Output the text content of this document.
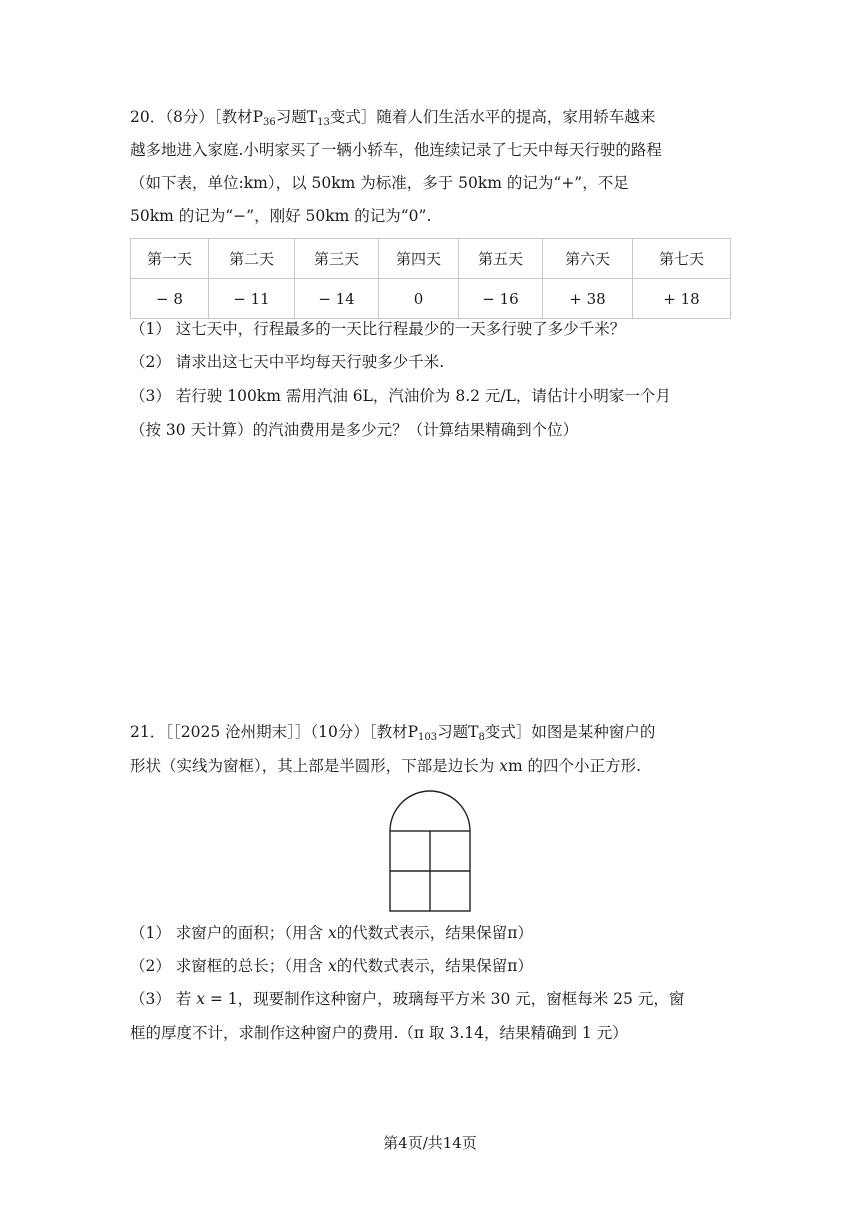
20．（8分）［教材$P_{36}$习题$T_{13}$变式］随着人们生活水平的提高，家用轿车越来
越多地进入家庭.小明家买了一辆小轿车，他连续记录了七天中每天行驶的路程
（如下表，单位:km），以 50km 为标准，多于 50km 的记为“+”，不足
50km 的记为“−”，刚好 50km 的记为“0”.
第一天	第二天	第三天	第四天	第五天	第六天	第七天
− 8	− 11	− 14	0	− 16	+ 38	+ 18
（1） 这七天中，行程最多的一天比行程最少的一天多行驶了多少千米？
（2） 请求出这七天中平均每天行驶多少千米.
（3） 若行驶 100km 需用汽油 6L，汽油价为 8.2 元/L，请估计小明家一个月
（按 30 天计算）的汽油费用是多少元？（计算结果精确到个位）
21．［［2025 沧州期末］］（10分）［教材$P_{103}$习题$T_8$变式］如图是某种窗户的
形状（实线为窗框），其上部是半圆形，下部是边长为 xm 的四个小正方形.
（1） 求窗户的面积；（用含 x的代数式表示，结果保留π）
（2） 求窗框的总长；（用含 x的代数式表示，结果保留π）
（3） 若 x = 1，现要制作这种窗户，玻璃每平方米 30 元，窗框每米 25 元，窗
框的厚度不计，求制作这种窗户的费用.（π 取 3.14，结果精确到 1 元）
第4页/共14页
